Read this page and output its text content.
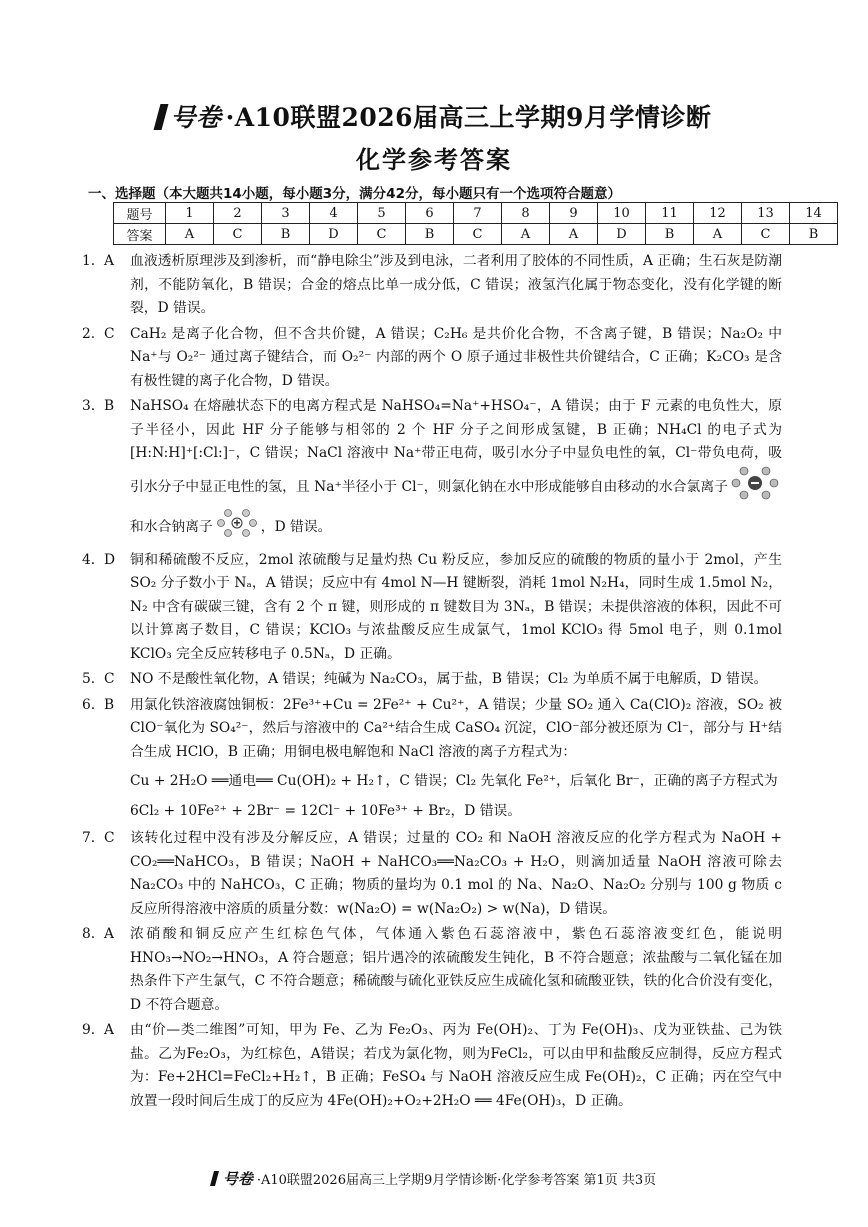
号卷 ·A10联盟2026届高三上学期9月学情诊断
化学参考答案
一、选择题（本大题共14小题，每小题3分，满分42分，每小题只有一个选项符合题意）
题号	1	2	3	4	5	6	7	8	9	10	11	12	13	14
答案	A	C	B	D	C	B	C	A	A	D	B	A	C	B
1. A	血液透析原理涉及到渗析，而“静电除尘”涉及到电泳，二者利用了胶体的不同性质，A 正确；生石灰是防潮剂，不能防氧化，B 错误；合金的熔点比单一成分低，C 错误；液氢汽化属于物态变化，没有化学键的断裂，D 错误。
2. C	CaH₂ 是离子化合物，但不含共价键，A 错误；C₂H₆ 是共价化合物，不含离子键，B 错误；Na₂O₂ 中 Na⁺与 O₂²⁻ 通过离子键结合，而 O₂²⁻ 内部的两个 O 原子通过非极性共价键结合，C 正确；K₂CO₃ 是含有极性键的离子化合物，D 错误。
3. B	NaHSO₄ 在熔融状态下的电离方程式是 NaHSO₄=Na⁺+HSO₄⁻，A 错误；由于 F 元素的电负性大，原子半径小，因此 HF 分子能够与相邻的 2 个 HF 分子之间形成氢键，B 正确；NH₄Cl 的电子式为 [H:N:H]⁺[:Cl:]⁻，C 错误；NaCl 溶液中 Na⁺带正电荷，吸引水分子中显负电性的氧，Cl⁻带负电荷，吸引水分子中显正电性的氢，且 Na⁺半径小于 Cl⁻，则氯化钠在水中形成能够自由移动的水合氯离子和水合钠离子	，D 错误。
4. D	铜和稀硫酸不反应，2mol 浓硫酸与足量灼热 Cu 粉反应，参加反应的硫酸的物质的量小于 2mol，产生 SO₂ 分子数小于 Nₐ，A 错误；反应中有 4mol N—H 键断裂，消耗 1mol N₂H₄，同时生成 1.5mol N₂，N₂ 中含有碳碳三键，含有 2 个 π 键，则形成的 π 键数目为 3Nₐ，B 错误；未提供溶液的体积，因此不可以计算离子数目，C 错误；KClO₃ 与浓盐酸反应生成氯气，1mol KClO₃ 得 5mol 电子，则 0.1mol KClO₃ 完全反应转移电子 0.5Nₐ，D 正确。
5. C	NO 不是酸性氧化物，A 错误；纯碱为 Na₂CO₃，属于盐，B 错误；Cl₂ 为单质不属于电解质，D 错误。
6. B	用氯化铁溶液腐蚀铜板：2Fe³⁺+Cu = 2Fe²⁺ + Cu²⁺，A 错误；少量 SO₂ 通入 Ca(ClO)₂ 溶液，SO₂ 被 ClO⁻氧化为 SO₄²⁻，然后与溶液中的 Ca²⁺结合生成 CaSO₄ 沉淀，ClO⁻部分被还原为 Cl⁻，部分与 H⁺结合生成 HClO，B 正确；用铜电极电解饱和 NaCl 溶液的离子方程式为：
Cu + 2H₂O ══通电══ Cu(OH)₂ + H₂↑，C 错误；Cl₂ 先氧化 Fe²⁺，后氧化 Br⁻，正确的离子方程式为
6Cl₂ + 10Fe²⁺ + 2Br⁻ = 12Cl⁻ + 10Fe³⁺ + Br₂，D 错误。
7. C	该转化过程中没有涉及分解反应，A 错误；过量的 CO₂ 和 NaOH 溶液反应的化学方程式为 NaOH + CO₂══NaHCO₃，B 错误；NaOH + NaHCO₃══Na₂CO₃ + H₂O，则滴加适量 NaOH 溶液可除去 Na₂CO₃ 中的 NaHCO₃，C 正确；物质的量均为 0.1 mol 的 Na、Na₂O、Na₂O₂ 分别与 100 g 物质 c 反应所得溶液中溶质的质量分数：w(Na₂O) = w(Na₂O₂) > w(Na)，D 错误。
8. A	浓硝酸和铜反应产生红棕色气体，气体通入紫色石蕊溶液中，紫色石蕊溶液变红色，能说明 HNO₃→NO₂→HNO₃，A 符合题意；铝片遇冷的浓硫酸发生钝化，B 不符合题意；浓盐酸与二氧化锰在加热条件下产生氯气，C 不符合题意；稀硫酸与硫化亚铁反应生成硫化氢和硫酸亚铁，铁的化合价没有变化，D 不符合题意。
9. A	由“价—类二维图”可知，甲为 Fe、乙为 Fe₂O₃、丙为 Fe(OH)₂、丁为 Fe(OH)₃、戊为亚铁盐、己为铁盐。乙为Fe₂O₃，为红棕色，A错误；若戊为氯化物，则为FeCl₂，可以由甲和盐酸反应制得，反应方程式为：Fe+2HCl=FeCl₂+H₂↑，B 正确；FeSO₄ 与 NaOH 溶液反应生成 Fe(OH)₂，C 正确；丙在空气中放置一段时间后生成丁的反应为 4Fe(OH)₂+O₂+2H₂O ══ 4Fe(OH)₃，D 正确。
号卷 ·A10联盟2026届高三上学期9月学情诊断·化学参考答案 第1页 共3页
